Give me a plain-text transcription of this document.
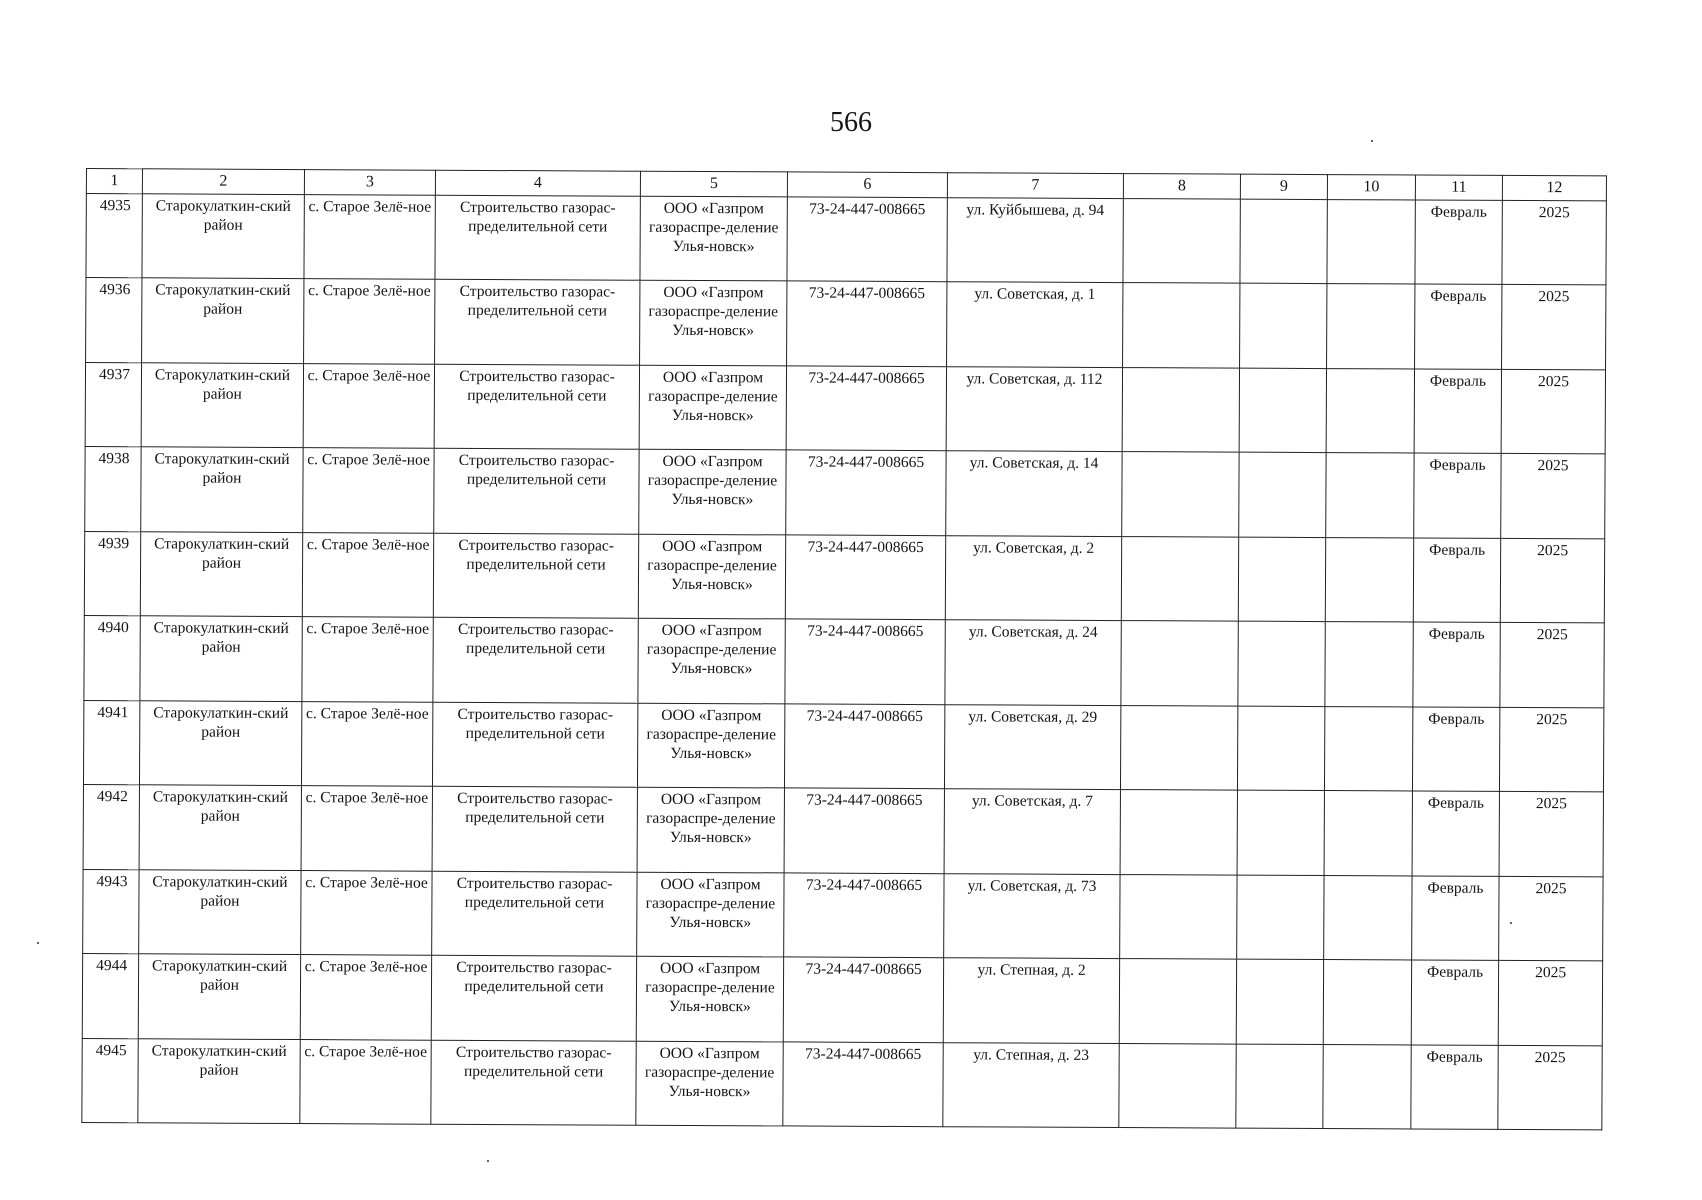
566
1	2	3	4	5	6	7	8	9	10	11	12

4935	Старокулаткин-ский район	с. Старое Зелё-ное	Строительство газорас-пределительной сети	ООО «Газпром газораспре-деление Улья-новск»	73-24-447-008665	ул. Куйбышева, д. 94				Февраль	2025

4936	Старокулаткин-ский район	с. Старое Зелё-ное	Строительство газорас-пределительной сети	ООО «Газпром газораспре-деление Улья-новск»	73-24-447-008665	ул. Советская, д. 1				Февраль	2025

4937	Старокулаткин-ский район	с. Старое Зелё-ное	Строительство газорас-пределительной сети	ООО «Газпром газораспре-деление Улья-новск»	73-24-447-008665	ул. Советская, д. 112				Февраль	2025

4938	Старокулаткин-ский район	с. Старое Зелё-ное	Строительство газорас-пределительной сети	ООО «Газпром газораспре-деление Улья-новск»	73-24-447-008665	ул. Советская, д. 14				Февраль	2025

4939	Старокулаткин-ский район	с. Старое Зелё-ное	Строительство газорас-пределительной сети	ООО «Газпром газораспре-деление Улья-новск»	73-24-447-008665	ул. Советская, д. 2				Февраль	2025

4940	Старокулаткин-ский район	с. Старое Зелё-ное	Строительство газорас-пределительной сети	ООО «Газпром газораспре-деление Улья-новск»	73-24-447-008665	ул. Советская, д. 24				Февраль	2025

4941	Старокулаткин-ский район	с. Старое Зелё-ное	Строительство газорас-пределительной сети	ООО «Газпром газораспре-деление Улья-новск»	73-24-447-008665	ул. Советская, д. 29				Февраль	2025

4942	Старокулаткин-ский район	с. Старое Зелё-ное	Строительство газорас-пределительной сети	ООО «Газпром газораспре-деление Улья-новск»	73-24-447-008665	ул. Советская, д. 7				Февраль	2025

4943	Старокулаткин-ский район	с. Старое Зелё-ное	Строительство газорас-пределительной сети	ООО «Газпром газораспре-деление Улья-новск»	73-24-447-008665	ул. Советская, д. 73				Февраль	2025

4944	Старокулаткин-ский район	с. Старое Зелё-ное	Строительство газорас-пределительной сети	ООО «Газпром газораспре-деление Улья-новск»	73-24-447-008665	ул. Степная, д. 2				Февраль	2025

4945	Старокулаткин-ский район	с. Старое Зелё-ное	Строительство газорас-пределительной сети	ООО «Газпром газораспре-деление Улья-новск»	73-24-447-008665	ул. Степная, д. 23				Февраль	2025
